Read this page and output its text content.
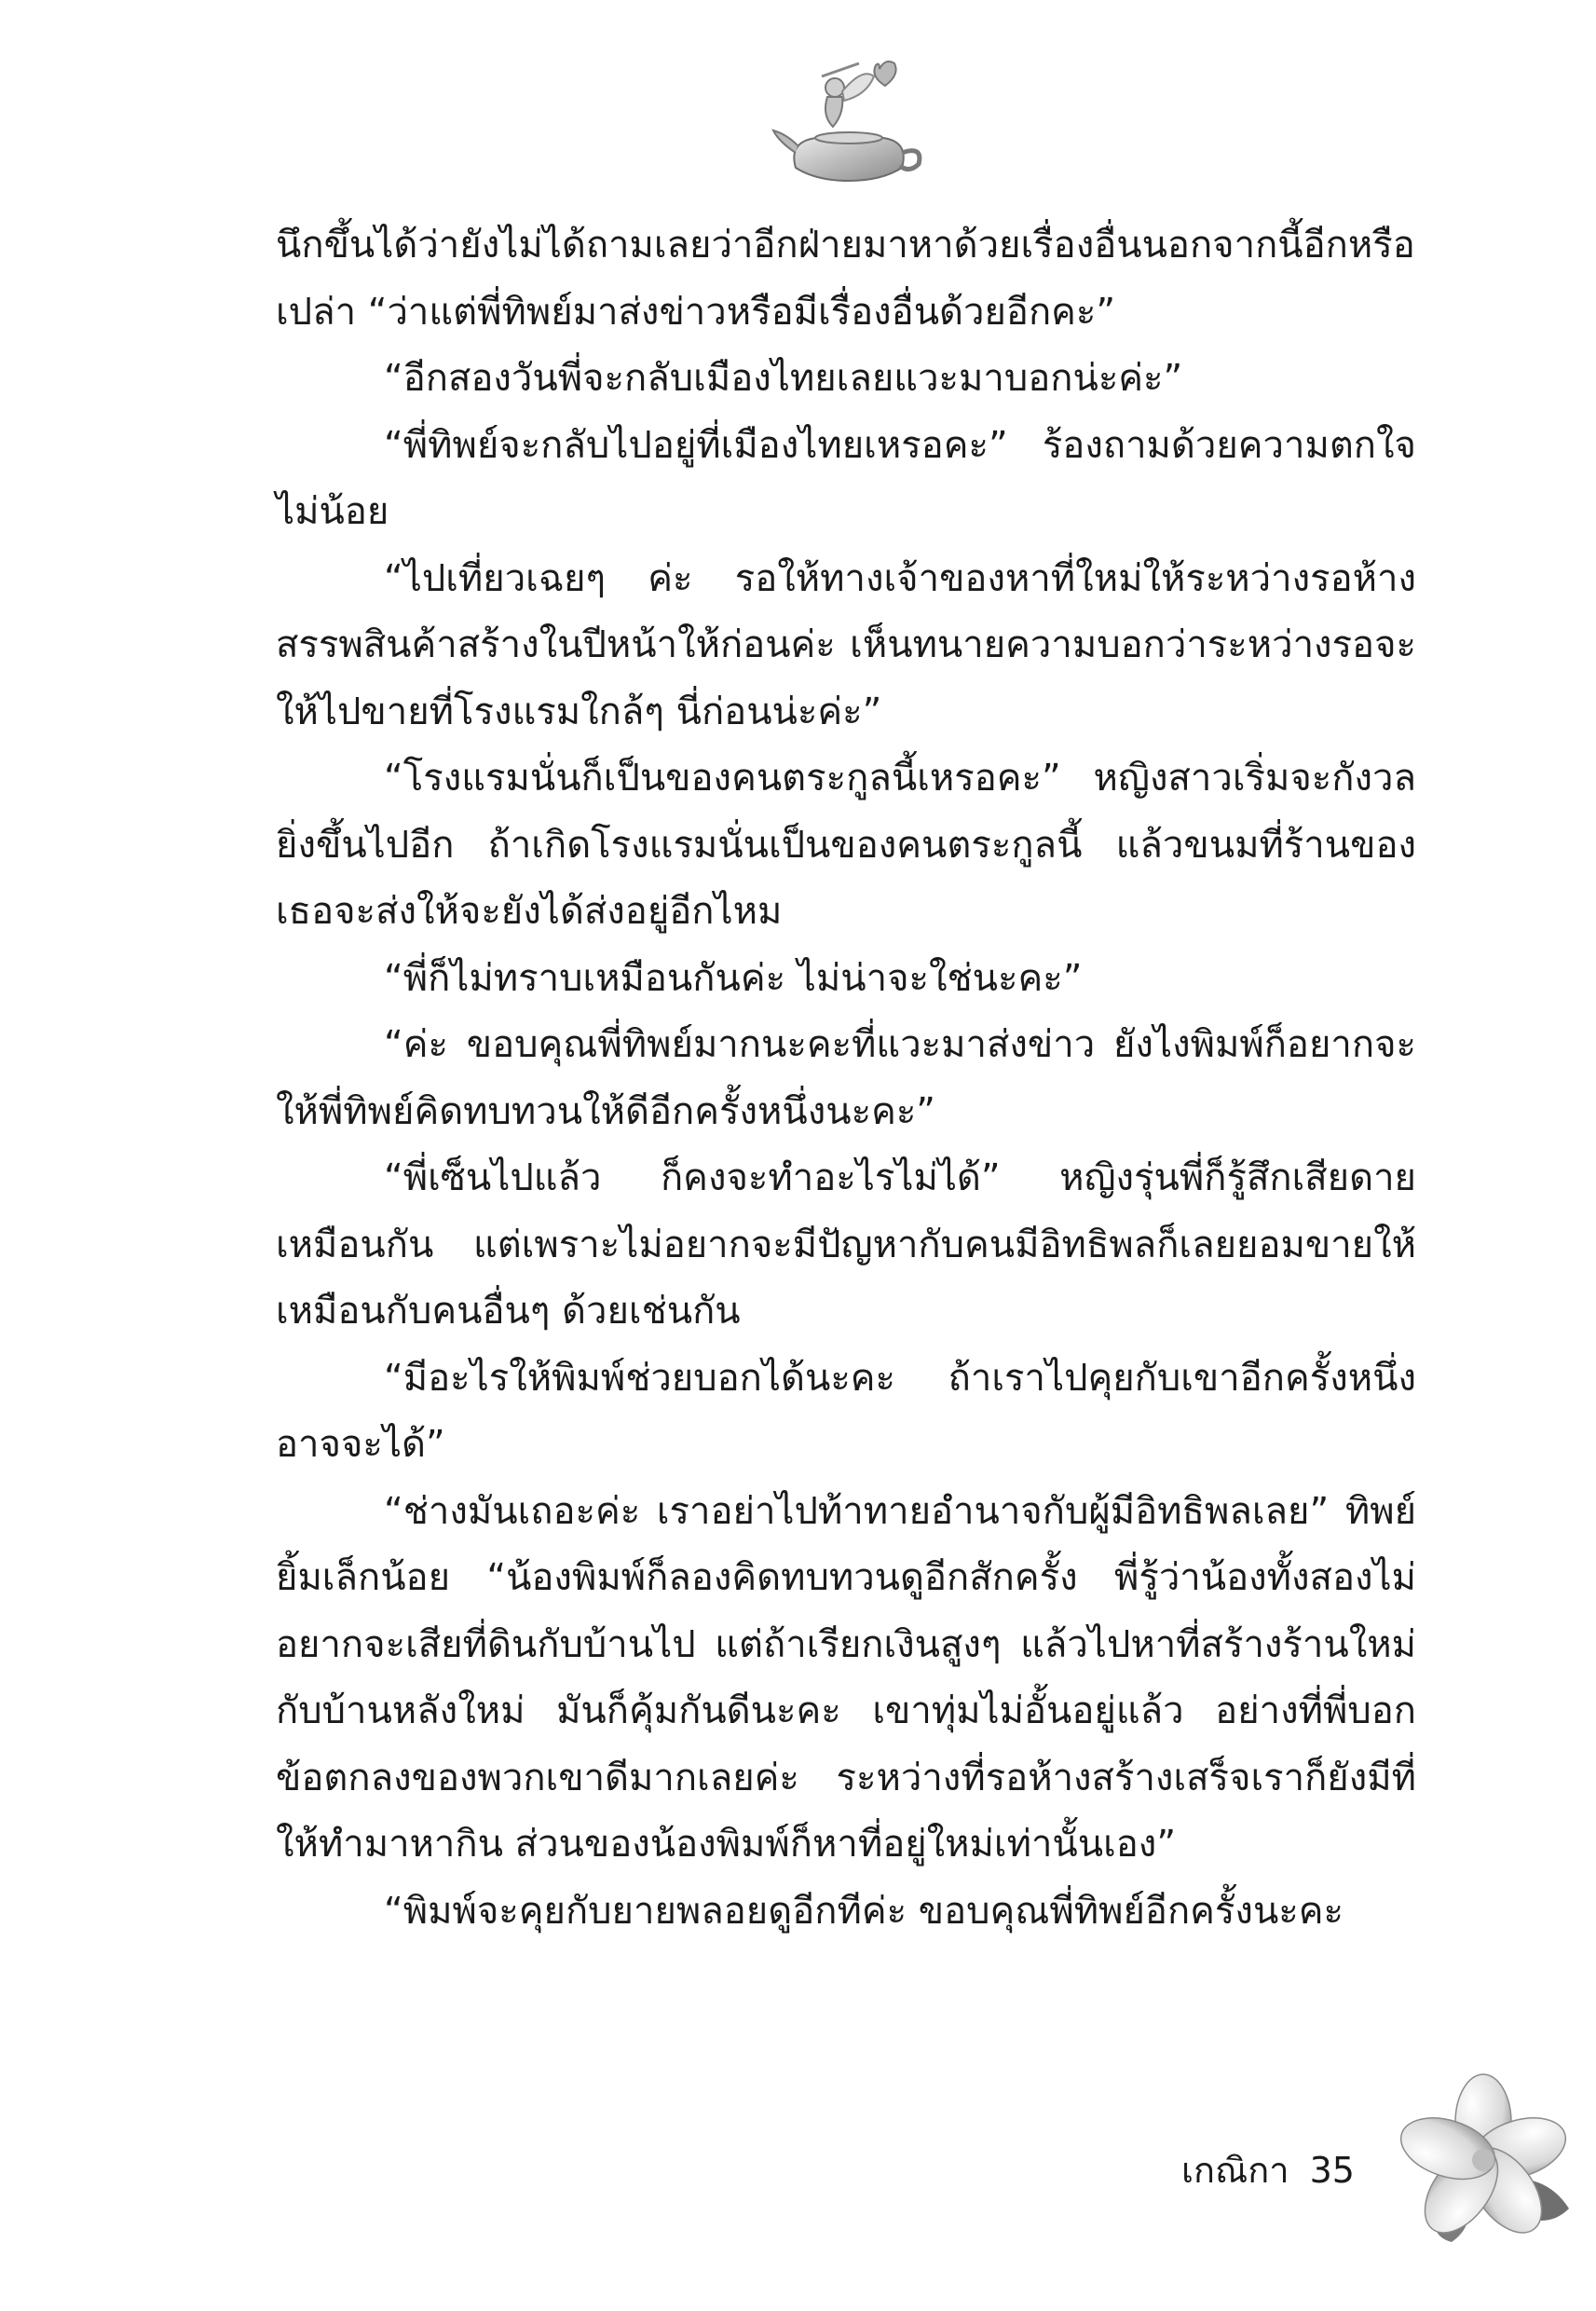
นึกขึ้นได้ว่ายังไม่ได้ถามเลยว่าอีกฝ่ายมาหาด้วยเรื่องอื่นนอกจากนี้อีกหรือเปล่า “ว่าแต่พี่ทิพย์มาส่งข่าวหรือมีเรื่องอื่นด้วยอีกคะ”

“อีกสองวันพี่จะกลับเมืองไทยเลยแวะมาบอกน่ะค่ะ”

“พี่ทิพย์จะกลับไปอยู่ที่เมืองไทยเหรอคะ” ร้องถามด้วยความตกใจไม่น้อย

“ไปเที่ยวเฉยๆ ค่ะ รอให้ทางเจ้าของหาที่ใหม่ให้ระหว่างรอห้างสรรพสินค้าสร้างในปีหน้าให้ก่อนค่ะ เห็นทนายความบอกว่าระหว่างรอจะให้ไปขายที่โรงแรมใกล้ๆ นี่ก่อนน่ะค่ะ”

“โรงแรมนั่นก็เป็นของคนตระกูลนี้เหรอคะ” หญิงสาวเริ่มจะกังวลยิ่งขึ้นไปอีก ถ้าเกิดโรงแรมนั่นเป็นของคนตระกูลนี้ แล้วขนมที่ร้านของเธอจะส่งให้จะยังได้ส่งอยู่อีกไหม

“พี่ก็ไม่ทราบเหมือนกันค่ะ ไม่น่าจะใช่นะคะ”

“ค่ะ ขอบคุณพี่ทิพย์มากนะคะที่แวะมาส่งข่าว ยังไงพิมพ์ก็อยากจะให้พี่ทิพย์คิดทบทวนให้ดีอีกครั้งหนึ่งนะคะ”

“พี่เซ็นไปแล้ว ก็คงจะทำอะไรไม่ได้” หญิงรุ่นพี่ก็รู้สึกเสียดายเหมือนกัน แต่เพราะไม่อยากจะมีปัญหากับคนมีอิทธิพลก็เลยยอมขายให้เหมือนกับคนอื่นๆ ด้วยเช่นกัน

“มีอะไรให้พิมพ์ช่วยบอกได้นะคะ ถ้าเราไปคุยกับเขาอีกครั้งหนึ่งอาจจะได้”

“ช่างมันเถอะค่ะ เราอย่าไปท้าทายอำนาจกับผู้มีอิทธิพลเลย” ทิพย์ยิ้มเล็กน้อย “น้องพิมพ์ก็ลองคิดทบทวนดูอีกสักครั้ง พี่รู้ว่าน้องทั้งสองไม่อยากจะเสียที่ดินกับบ้านไป แต่ถ้าเรียกเงินสูงๆ แล้วไปหาที่สร้างร้านใหม่กับบ้านหลังใหม่ มันก็คุ้มกันดีนะคะ เขาทุ่มไม่อั้นอยู่แล้ว อย่างที่พี่บอก ข้อตกลงของพวกเขาดีมากเลยค่ะ ระหว่างที่รอห้างสร้างเสร็จเราก็ยังมีที่ให้ทำมาหากิน ส่วนของน้องพิมพ์ก็หาที่อยู่ใหม่เท่านั้นเอง”

“พิมพ์จะคุยกับยายพลอยดูอีกทีค่ะ ขอบคุณพี่ทิพย์อีกครั้งนะคะ

เกณิกา 35
